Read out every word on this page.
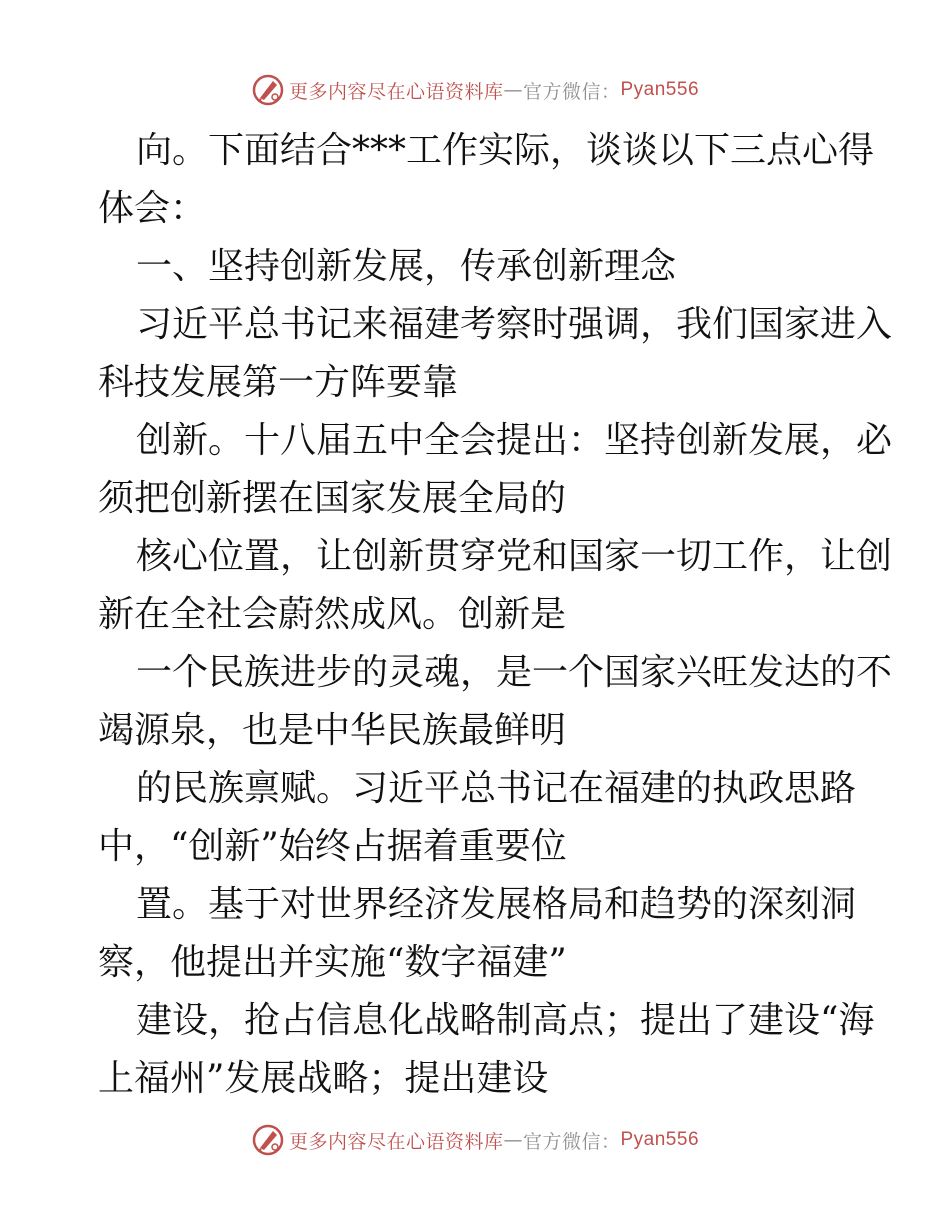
更多内容尽在心语资料库 — 官方微信： Pyan556
向。下面结合***工作实际，谈谈以下三点心得
体会：
一、坚持创新发展，传承创新理念
习近平总书记来福建考察时强调，我们国家进入
科技发展第一方阵要靠
创新。十八届五中全会提出：坚持创新发展，必
须把创新摆在国家发展全局的
核心位置，让创新贯穿党和国家一切工作，让创
新在全社会蔚然成风。创新是
一个民族进步的灵魂，是一个国家兴旺发达的不
竭源泉，也是中华民族最鲜明
的民族禀赋。习近平总书记在福建的执政思路
中，“创新”始终占据着重要位
置。基于对世界经济发展格局和趋势的深刻洞
察，他提出并实施“数字福建”
建设，抢占信息化战略制高点；提出了建设“海
上福州”发展战略；提出建设
更多内容尽在心语资料库 — 官方微信： Pyan556
